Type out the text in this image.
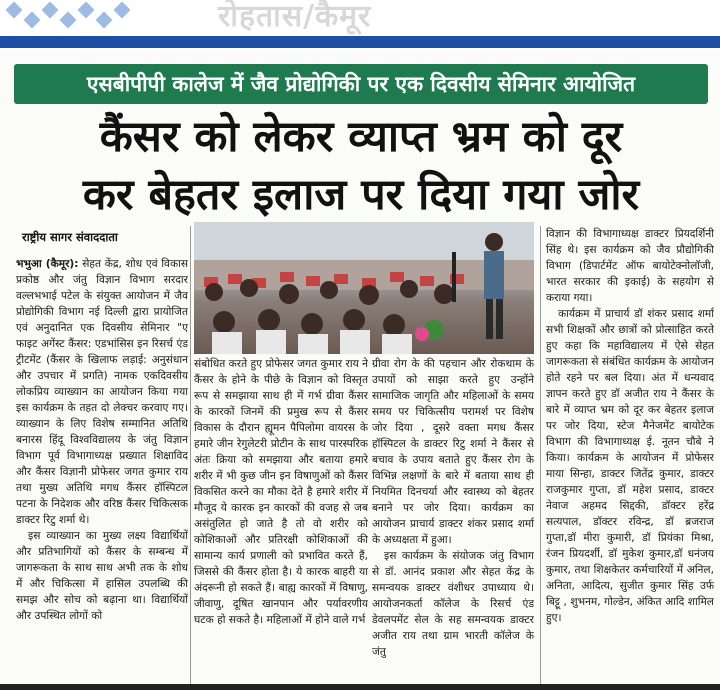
रोहतास/कैमूर
एसबीपीपी कालेज में जैव प्रोद्योगिकी पर एक दिवसीय सेमिनार आयोजित
कैंसर को लेकर व्याप्त भ्रम को दूर
कर बेहतर इलाज पर दिया गया जोर
राष्ट्रीय सागर संवाददाता

भभुआ (कैमूर): सेहत केंद्र, शोध एवं विकास प्रकोष्ठ और जंतु विज्ञान विभाग सरदार वल्लभभाई पटेल के संयुक्त आयोजन में जैव प्रोद्योगिकी विभाग नई दिल्ली द्वारा प्रायोजित एवं अनुदानित एक दिवसीय सेमिनार "ए फाइट अगेंस्ट कैंसर: एडभांसिस इन रिसर्च एंड ट्रीटमेंट (कैंसर के खिलाफ लड़ाई: अनुसंधान और उपचार में प्रगति) नामक एकदिवसीय लोकप्रिय व्याख्यान का आयोजन किया गया इस कार्यक्रम के तहत दो लेक्चर करवाए गए। व्याख्यान के लिए विशेष सम्मानित अतिथि बनारस हिंदू विश्वविद्यालय के जंतु विज्ञान विभाग पूर्व विभागाध्यक्ष प्रख्यात शिक्षाविद और कैंसर विज्ञानी प्रोफेसर जगत कुमार राय तथा मुख्य अतिथि मगध कैंसर हॉस्पिटल पटना के निदेशक और वरिष्ठ कैंसर चिकित्सक डाक्टर रिटु शर्मा थे।

इस व्याख्यान का मुख्य लक्ष्य विद्यार्थियों और प्रतिभागियों को कैंसर के सम्बन्ध में जागरूकता के साथ साथ अभी तक के शोध में और चिकित्सा में हासिल उपलब्धि की समझ और सोच को बढ़ाना था। विद्यार्थियों और उपस्थित लोगों को

संबोधित करते हुए प्रोफेसर जगत कुमार राय ने कैंसर के होने के पीछे के विज्ञान को विस्तृत रूप से समझाया साथ ही में गर्भ ग्रीवा कैंसर के कारकों जिनमें की प्रमुख रूप से कैंसर विकास के दौरान ह्यूमन पैपिलोमा वायरस के हमारे जीन रेगुलेटरी प्रोटीन के साथ पारस्परिक अंतः क्रिया को समझाया और बताया हमारे शरीर में भी कुछ जीन इन विषाणुओं को कैंसर विकसित करने का मौका देते है हमारे शरीर में मौजूद ये कारक इन कारकों की वजह से जब असंतुलित हो जाते है तो वो शरीर को कोशिकाओं और प्रतिरक्षी कोशिकाओं की सामान्य कार्य प्रणाली को प्रभावित करते हैं, जिससे की कैंसर होता है। ये कारक बाहरी या अंदरूनी हो सकते हैं। बाह्य कारकों में विषाणु, जीवाणु, दूषित खानपान और पर्यावरणीय घटक हो सकते है। महिलाओं में होने वाले गर्भ

ग्रीवा रोग के की पहचान और रोकथाम के उपायों को साझा करते हुए उन्होंने सामाजिक जागृति और महिलाओं के समय समय पर चिकित्सीय परामर्श पर विशेष जोर दिया , दूसरे वक्ता मगध कैंसर हॉस्पिटल के डाक्टर रिटु शर्मा ने कैंसर से बचाव के उपाय बताते हुए कैंसर रोग के विभिन्न लक्षणों के बारे में बताया साथ ही नियमित दिनचर्या और स्वास्थ्य को बेहतर बनाने पर जोर दिया। कार्यक्रम का आयोजन प्राचार्य डाक्टर शंकर प्रसाद शर्मा के अध्यक्षता में हुआ।

इस कार्यक्रम के संयोजक जंतु विभाग से डॉ. आनंद प्रकाश और सेहत केंद्र के समन्वयक डाक्टर वंशीधर उपाध्याय थे। आयोजनकर्ता कॉलेज के रिसर्च एंड डेवलपमेंट सेल के सह समन्वयक डाक्टर अजीत राय तथा ग्राम भारती कॉलेज के जंतु

विज्ञान की विभागाध्यक्ष डाक्टर प्रियदर्शिनी सिंह थे। इस कार्यक्रम को जैव प्रौद्योगिकी विभाग (डिपार्टमेंट ऑफ बायोटेक्नोलॉजी, भारत सरकार की इकाई) के सहयोग से कराया गया।

कार्यक्रम में प्राचार्य डॉ शंकर प्रसाद शर्मा सभी शिक्षकों और छात्रों को प्रोत्साहित करते हुए कहा कि महाविद्यालय में ऐसे सेहत जागरूकता से संबंधित कार्यक्रम के आयोजन होते रहने पर बल दिया। अंत में धन्यवाद ज्ञापन करते हुए डॉ अजीत राय ने कैंसर के बारे में व्याप्त भ्रम को दूर कर बेहतर इलाज पर जोर दिया, स्टेज मैनेजमेंट बायोटेक विभाग की विभागाध्यक्ष ई. नूतन चौबे ने किया। कार्यक्रम के आयोजन में प्रोफेसर माया सिन्हा, डाक्टर जितेंद्र कुमार, डाक्टर राजकुमार गुप्ता, डॉ महेश प्रसाद, डाक्टर नेवाज अहमद सिद्दकी, डॉक्टर हरेंद्र सत्यपाल, डॉक्टर रविन्द्र, डॉ ब्रजराज गुप्ता,डॉ मीरा कुमारी, डॉ प्रियंका मिश्रा, रंजन प्रियदर्शी, डॉ मुकेश कुमार,डॉ धनंजय कुमार, तथा शिक्षकेतर कर्मचारियों में अनिल, अनिता, आदित्य, सुजीत कुमार सिंह उर्फ बिट्टू , शुभनम, गोल्डेन, अंकित आदि शामिल हुए।
